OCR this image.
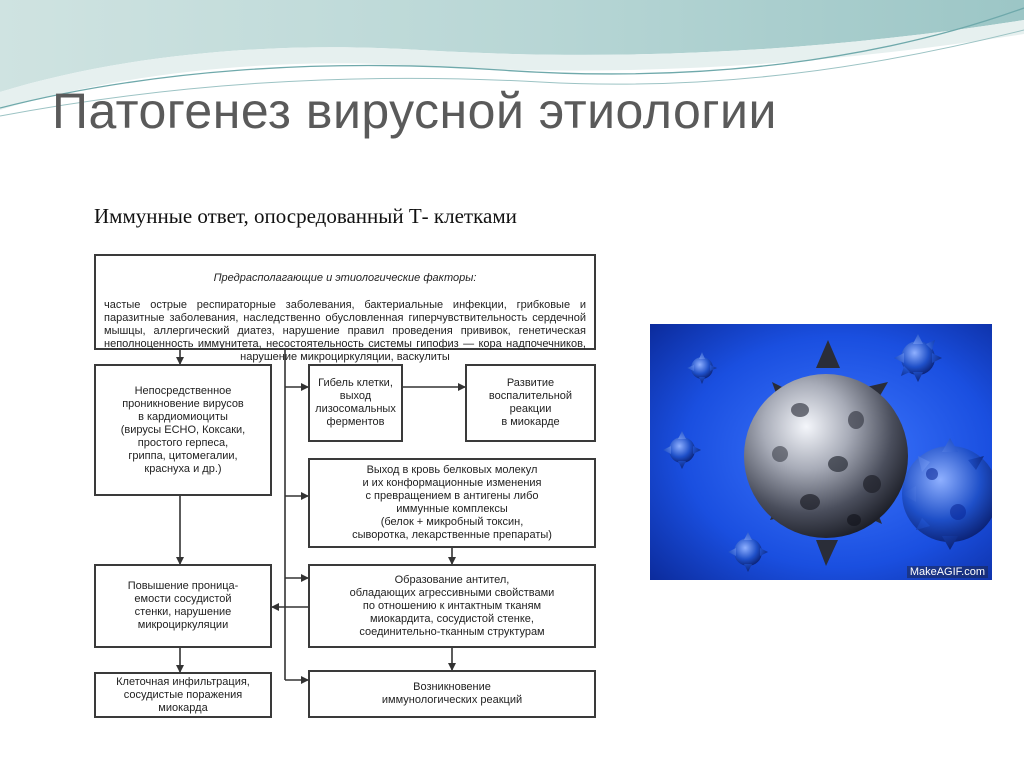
Патогенез вирусной этиологии
Иммунные ответ, опосредованный Т- клетками

Предрасполагающие и этиологические факторы:

частые острые респираторные заболевания, бактериальные инфекции, грибковые и паразитные заболевания, наследственно обусловленная гиперчувствительность сердечной мышцы, аллергический диатез, нарушение правил проведения прививок, генетическая неполноценность иммунитета, несостоятельность системы гипофиз — кора надпочечников, нарушение микроциркуляции, васкулиты

Непосредственное
проникновение вирусов
в кардиомиоциты
(вирусы ЕСНО, Коксаки,
простого герпеса,
гриппа, цитомегалии,
краснуха и др.)
Гибель клетки,
выход
лизосомальных
ферментов
Развитие
воспалительной
реакции
в миокарде
Выход в кровь белковых молекул
и их конформационные изменения
с превращением в антигены либо
иммунные комплексы
(белок + микробный токсин,
сыворотка, лекарственные препараты)
Повышение проница-
емости сосудистой
стенки, нарушение
микроциркуляции
Образование антител,
обладающих агрессивными свойствами
по отношению к интактным тканям
миокардита, сосудистой стенке,
соединительно-тканным структурам
Клеточная инфильтрация,
сосудистые поражения
миокарда
Возникновение
иммунологических реакций
MakeAGIF.com
